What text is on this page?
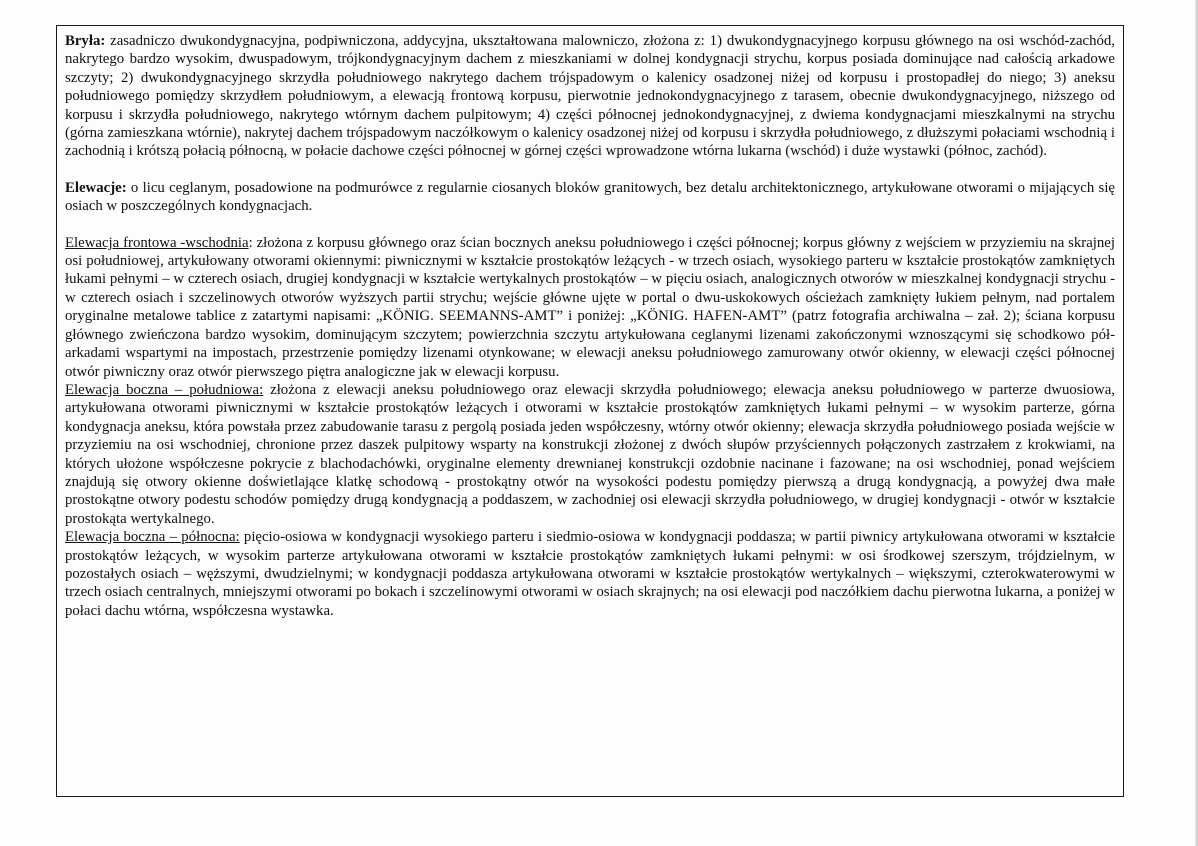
Bryła: zasadniczo dwukondygnacyjna, podpiwniczona, addycyjna, ukształtowana malowniczo, złożona z: 1) dwukondygnacyjnego korpusu głównego na osi wschód-zachód, nakrytego bardzo wysokim, dwuspadowym, trójkondygnacyjnym dachem z mieszkaniami w dolnej kondygnacji strychu, korpus posiada dominujące nad całością arkadowe szczyty; 2) dwukondygnacyjnego skrzydła południowego nakrytego dachem trójspadowym o kalenicy osadzonej niżej od korpusu i prostopadłej do niego; 3) aneksu południowego pomiędzy skrzydłem południowym, a elewacją frontową korpusu, pierwotnie jednokondygnacyjnego z tarasem, obecnie dwukondygnacyjnego, niższego od korpusu i skrzydła południowego, nakrytego wtórnym dachem pulpitowym; 4) części północnej jednokondygnacyjnej, z dwiema kondygnacjami mieszkalnymi na strychu (górna zamieszkana wtórnie), nakrytej dachem trójspadowym naczółkowym o kalenicy osadzonej niżej od korpusu i skrzydła południowego, z dłuższymi połaciami wschodnią i zachodnią i krótszą połacią północną, w połacie dachowe części północnej w górnej części wprowadzone wtórna lukarna (wschód) i duże wystawki (północ, zachód).

Elewacje: o licu ceglanym, posadowione na podmurówce z regularnie ciosanych bloków granitowych, bez detalu architektonicznego, artykułowane otworami o mijających się osiach w poszczególnych kondygnacjach.

Elewacja frontowa -wschodnia: złożona z korpusu głównego oraz ścian bocznych aneksu południowego i części północnej; korpus główny z wejściem w przyziemiu na skrajnej osi południowej, artykułowany otworami okiennymi: piwnicznymi w kształcie prostokątów leżących - w trzech osiach, wysokiego parteru w kształcie prostokątów zamkniętych łukami pełnymi – w czterech osiach, drugiej kondygnacji w kształcie wertykalnych prostokątów – w pięciu osiach, analogicznych otworów w mieszkalnej kondygnacji strychu - w czterech osiach i szczelinowych otworów wyższych partii strychu; wejście główne ujęte w portal o dwu-uskokowych ościeżach zamknięty łukiem pełnym, nad portalem oryginalne metalowe tablice z zatartymi napisami: „KÖNIG. SEEMANNS-AMT” i poniżej: „KÖNIG. HAFEN-AMT” (patrz fotografia archiwalna – zał. 2); ściana korpusu głównego zwieńczona bardzo wysokim, dominującym szczytem; powierzchnia szczytu artykułowana ceglanymi lizenami zakończonymi wznoszącymi się schodkowo pół-arkadami wspartymi na impostach, przestrzenie pomiędzy lizenami otynkowane; w elewacji aneksu południowego zamurowany otwór okienny, w elewacji części północnej otwór piwniczny oraz otwór pierwszego piętra analogiczne jak w elewacji korpusu.

Elewacja boczna – południowa: złożona z elewacji aneksu południowego oraz elewacji skrzydła południowego; elewacja aneksu południowego w parterze dwuosiowa, artykułowana otworami piwnicznymi w kształcie prostokątów leżących i otworami w kształcie prostokątów zamkniętych łukami pełnymi – w wysokim parterze, górna kondygnacja aneksu, która powstała przez zabudowanie tarasu z pergolą posiada jeden współczesny, wtórny otwór okienny; elewacja skrzydła południowego posiada wejście w przyziemiu na osi wschodniej, chronione przez daszek pulpitowy wsparty na konstrukcji złożonej z dwóch słupów przyściennych połączonych zastrzałem z krokwiami, na których ułożone współczesne pokrycie z blachodachówki, oryginalne elementy drewnianej konstrukcji ozdobnie nacinane i fazowane; na osi wschodniej, ponad wejściem znajdują się otwory okienne doświetlające klatkę schodową - prostokątny otwór na wysokości podestu pomiędzy pierwszą a drugą kondygnacją, a powyżej dwa małe prostokątne otwory podestu schodów pomiędzy drugą kondygnacją a poddaszem, w zachodniej osi elewacji skrzydła południowego, w drugiej kondygnacji - otwór w kształcie prostokąta wertykalnego.

Elewacja boczna – północna: pięcio-osiowa w kondygnacji wysokiego parteru i siedmio-osiowa w kondygnacji poddasza; w partii piwnicy artykułowana otworami w kształcie prostokątów leżących, w wysokim parterze artykułowana otworami w kształcie prostokątów zamkniętych łukami pełnymi: w osi środkowej szerszym, trójdzielnym, w pozostałych osiach – węższymi, dwudzielnymi; w kondygnacji poddasza artykułowana otworami w kształcie prostokątów wertykalnych – większymi, czterokwaterowymi w trzech osiach centralnych, mniejszymi otworami po bokach i szczelinowymi otworami w osiach skrajnych; na osi elewacji pod naczółkiem dachu pierwotna lukarna, a poniżej w połaci dachu wtórna, współczesna wystawka.
